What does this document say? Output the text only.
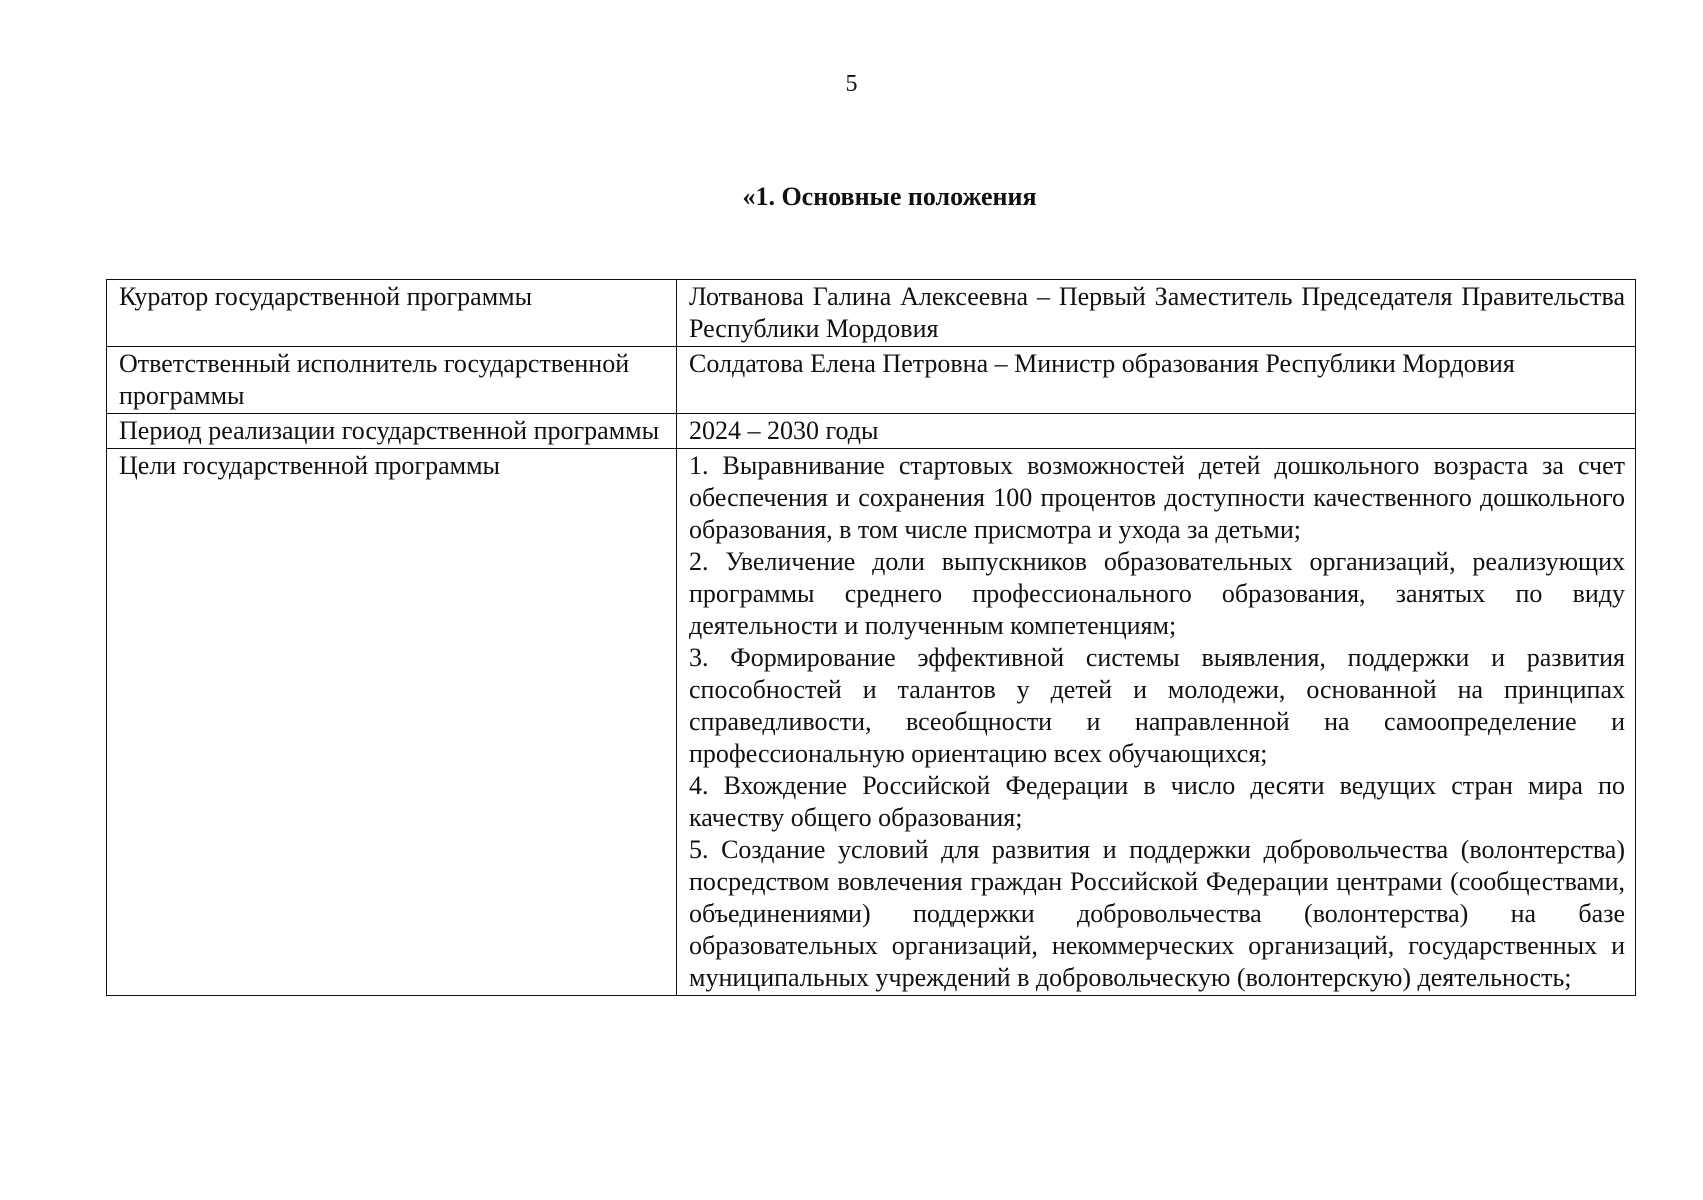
5
«1. Основные положения
Куратор государственной программы	Лотванова Галина Алексеевна – Первый Заместитель Председателя Правительства Республики Мордовия
Ответственный исполнитель государственной программы	Солдатова Елена Петровна – Министр образования Республики Мордовия
Период реализации государственной программы	2024 – 2030 годы
Цели государственной программы	1. Выравнивание стартовых возможностей детей дошкольного возраста за счет обеспечения и сохранения 100 процентов доступности качественного дошкольного образования, в том числе присмотра и ухода за детьми;
2. Увеличение доли выпускников образовательных организаций, реализующих программы среднего профессионального образования, занятых по виду деятельности и полученным компетенциям;
3. Формирование эффективной системы выявления, поддержки и развития способностей и талантов у детей и молодежи, основанной на принципах справедливости, всеобщности и направленной на самоопределение и профессиональную ориентацию всех обучающихся;
4. Вхождение Российской Федерации в число десяти ведущих стран мира по качеству общего образования;
5. Создание условий для развития и поддержки добровольчества (волонтерства) посредством вовлечения граждан Российской Федерации центрами (сообществами, объединениями) поддержки добровольчества (волонтерства) на базе образовательных организаций, некоммерческих организаций, государственных и муниципальных учреждений в добровольческую (волонтерскую) деятельность;
